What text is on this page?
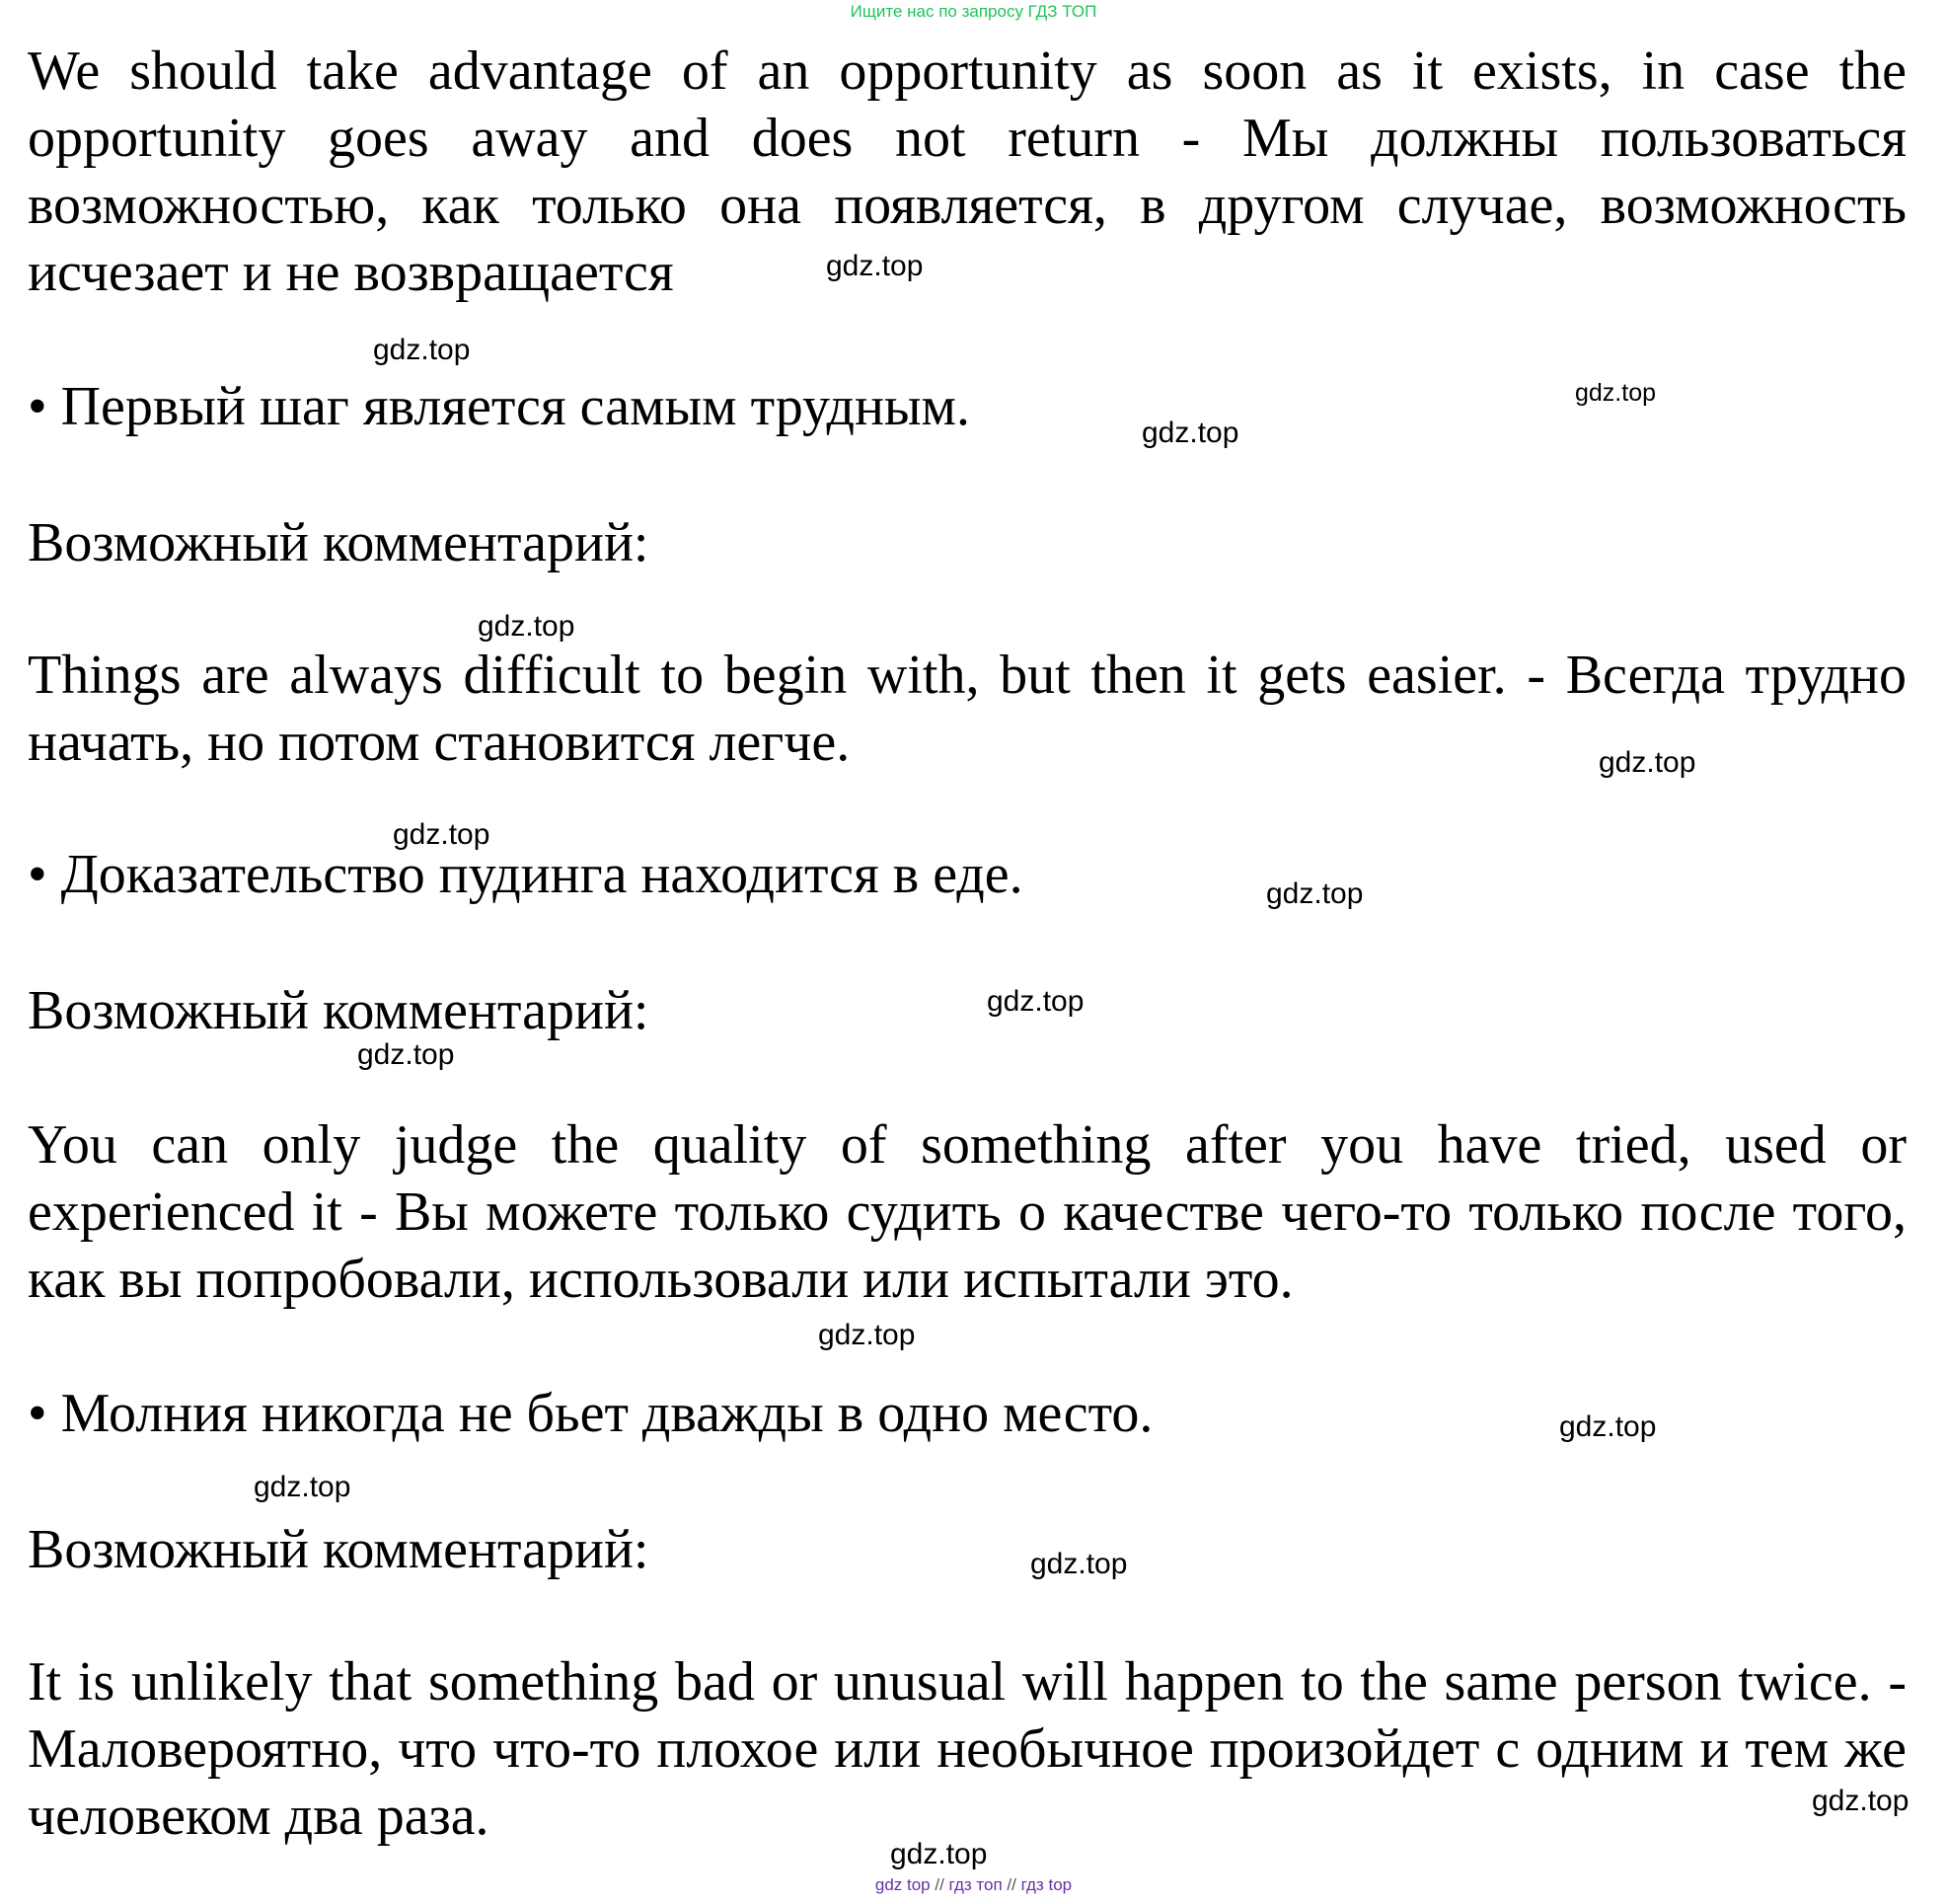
Ищите нас по запросу ГДЗ ТОП
We should take advantage of an opportunity as soon as it exists, in case the opportunity goes away and does not return - Мы должны пользоваться возможностью, как только она появляется, в другом случае, возможность исчезает и не возвращается
• Первый шаг является самым трудным.
Возможный комментарий:
Things are always difficult to begin with, but then it gets easier. - Всегда трудно начать, но потом становится легче.
• Доказательство пудинга находится в еде.
Возможный комментарий:
You can only judge the quality of something after you have tried, used or experienced it - Вы можете только судить о качестве чего-то только после того, как вы попробовали, использовали или испытали это.
• Молния никогда не бьет дважды в одно место.
Возможный комментарий:
It is unlikely that something bad or unusual will happen to the same person twice. - Маловероятно, что что-то плохое или необычное произойдет с одним и тем же человеком два раза.
gdz.top
gdz.top
gdz.top
gdz.top
gdz.top
gdz.top
gdz.top
gdz.top
gdz.top
gdz.top
gdz.top
gdz.top
gdz.top
gdz.top
gdz.top
gdz.top
gdz top // гдз топ // гдз top
